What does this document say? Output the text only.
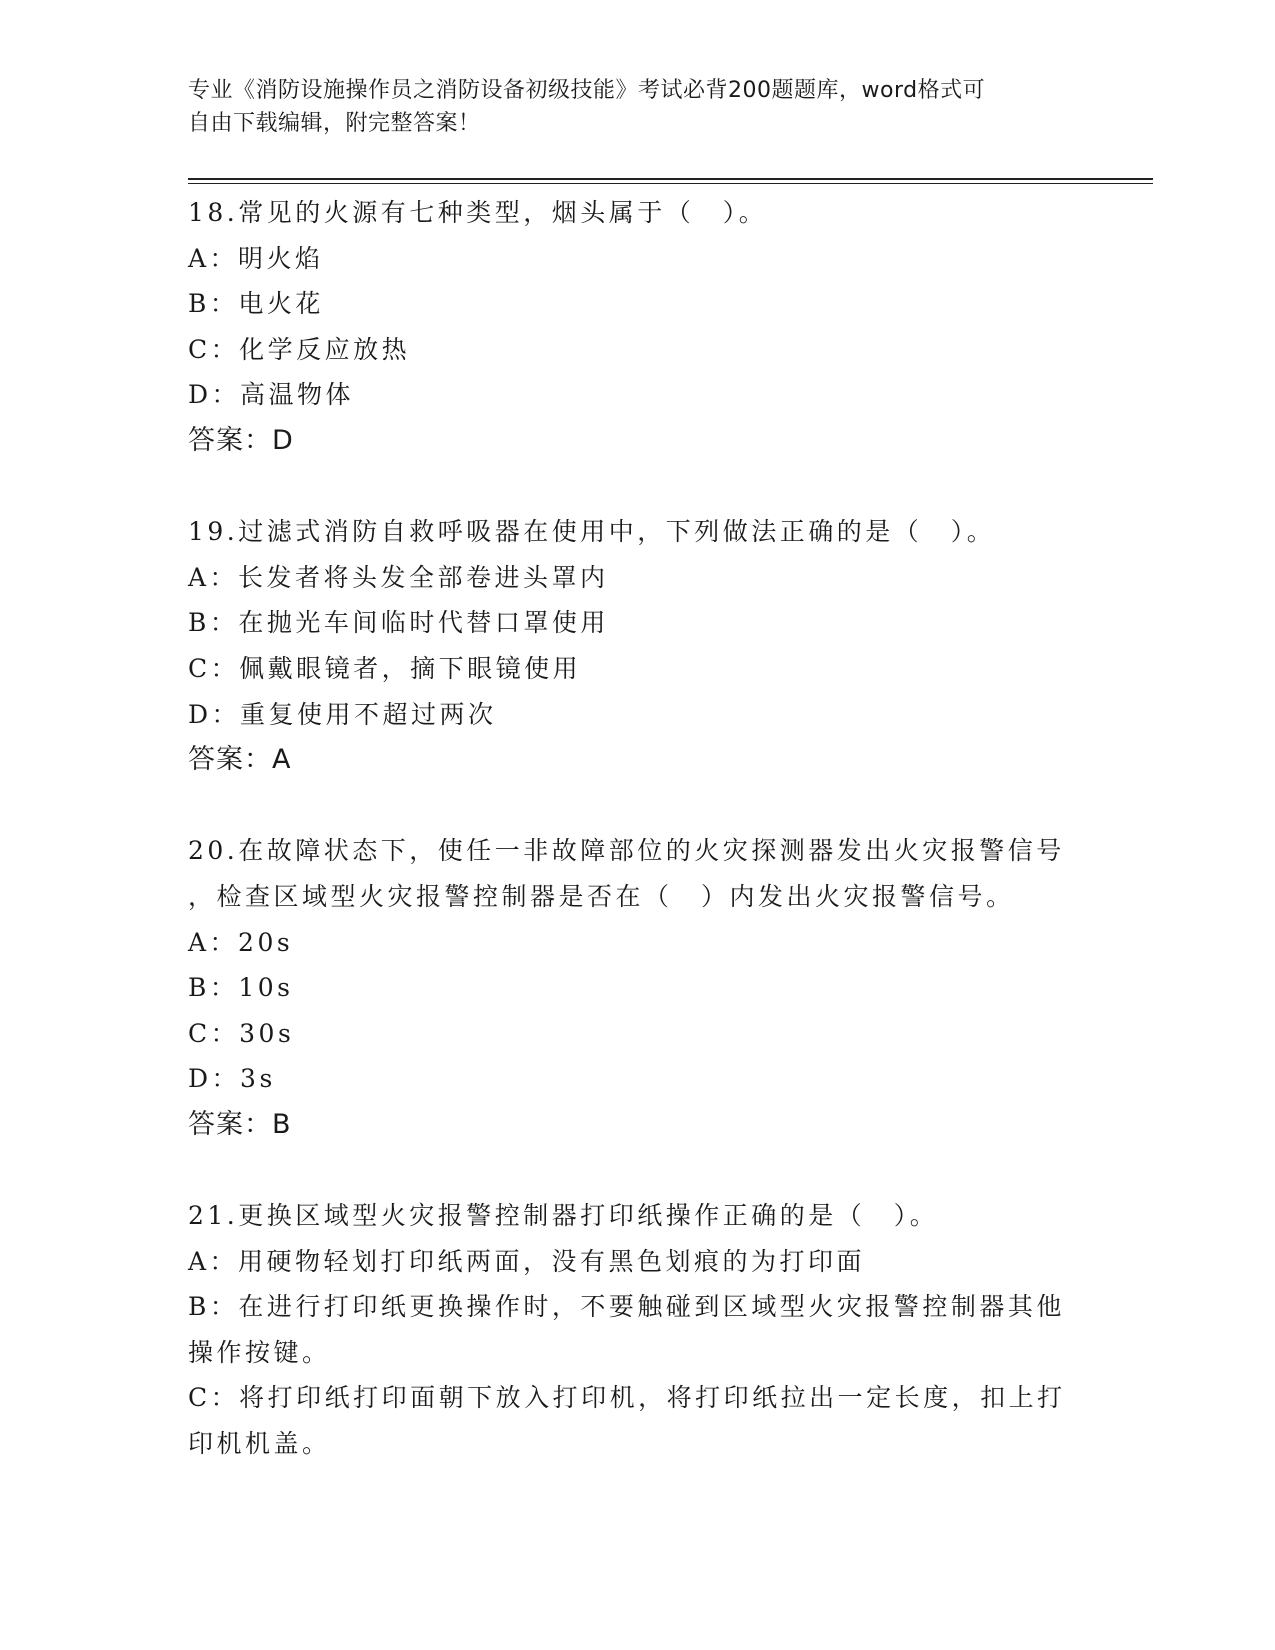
专业《消防设施操作员之消防设备初级技能》考试必背200题题库，word格式可
自由下载编辑，附完整答案！
18.常见的火源有七种类型，烟头属于（　）。
A：明火焰
B：电火花
C：化学反应放热
D：高温物体
答案：D
19.过滤式消防自救呼吸器在使用中，下列做法正确的是（　）。
A：长发者将头发全部卷进头罩内
B：在抛光车间临时代替口罩使用
C：佩戴眼镜者，摘下眼镜使用
D：重复使用不超过两次
答案：A
20.在故障状态下，使任一非故障部位的火灾探测器发出火灾报警信号
，检查区域型火灾报警控制器是否在（　）内发出火灾报警信号。
A：20s
B：10s
C：30s
D：3s
答案：B
21.更换区域型火灾报警控制器打印纸操作正确的是（　）。
A：用硬物轻划打印纸两面，没有黑色划痕的为打印面
B：在进行打印纸更换操作时，不要触碰到区域型火灾报警控制器其他
操作按键。
C：将打印纸打印面朝下放入打印机，将打印纸拉出一定长度，扣上打
印机机盖。
